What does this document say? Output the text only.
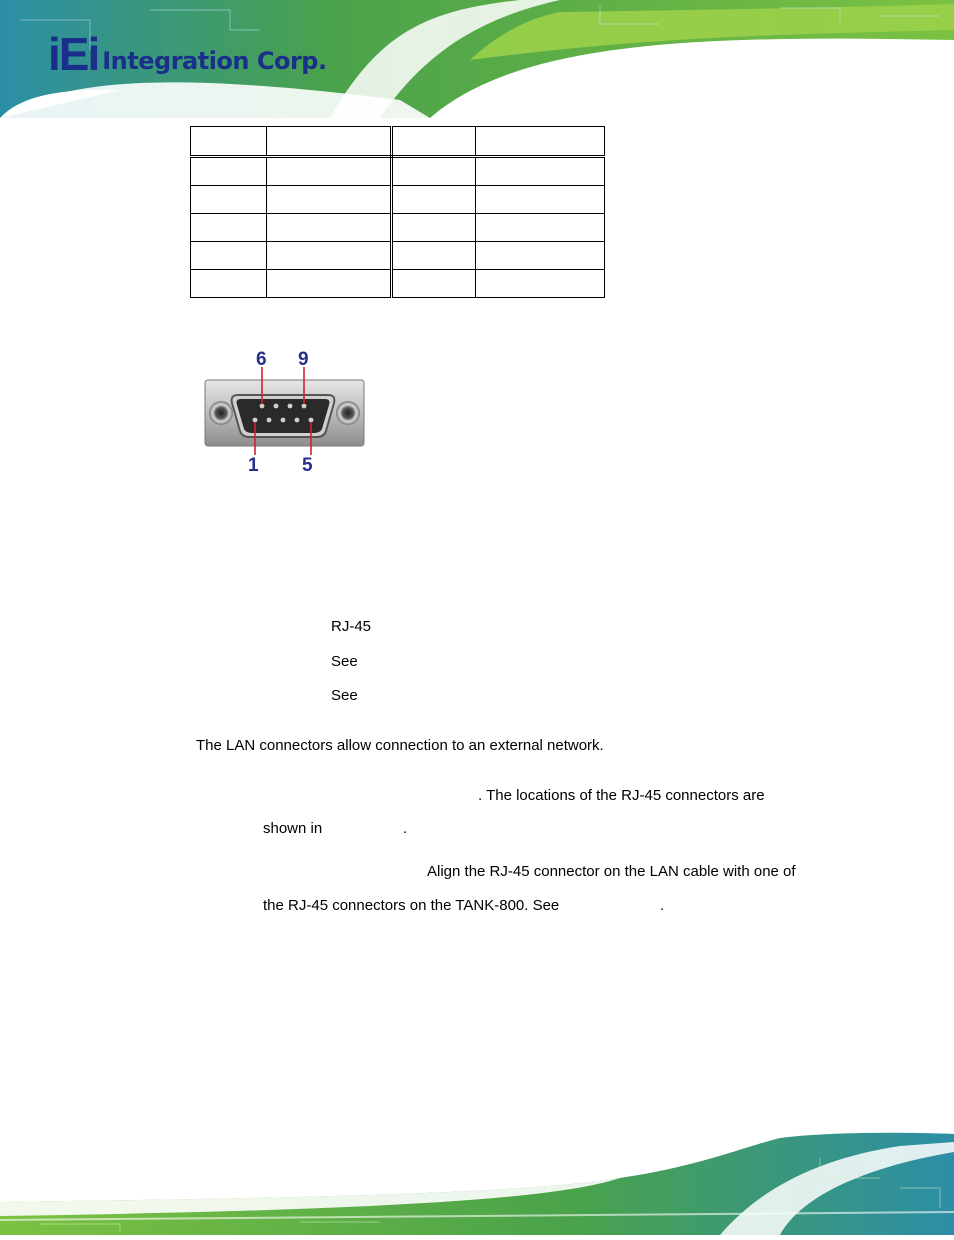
iEi Integration Corp.

6 9
1 5
RJ-45
See
See
The LAN connectors allow connection to an external network.
. The locations of the RJ-45 connectors are
shown in	.
Align the RJ-45 connector on the LAN cable with one of
the RJ-45 connectors on the TANK-800. See	.
